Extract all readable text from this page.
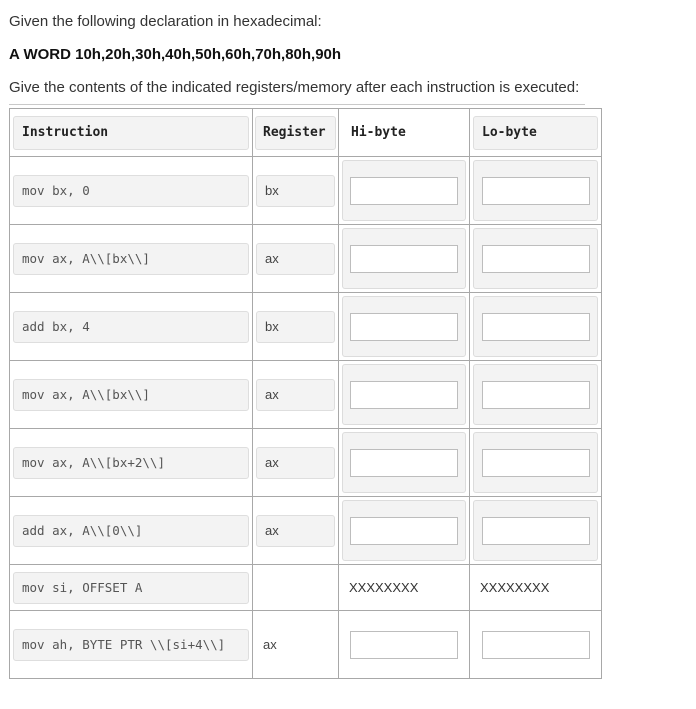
Given the following declaration in hexadecimal:
A WORD 10h,20h,30h,40h,50h,60h,70h,80h,90h
Give the contents of the indicated registers/memory after each instruction is executed:
Instruction	Register	Hi-byte	Lo-byte

mov bx, 0	bx

mov ax, A\\[bx\\]	ax

add bx, 4	bx

mov ax, A\\[bx\\]	ax

mov ax, A\\[bx+2\\]	ax

add ax, A\\[0\\]	ax

mov si, OFFSET A		XXXXXXXX	XXXXXXXX

mov ah, BYTE PTR \\[si+4\\]	ax
